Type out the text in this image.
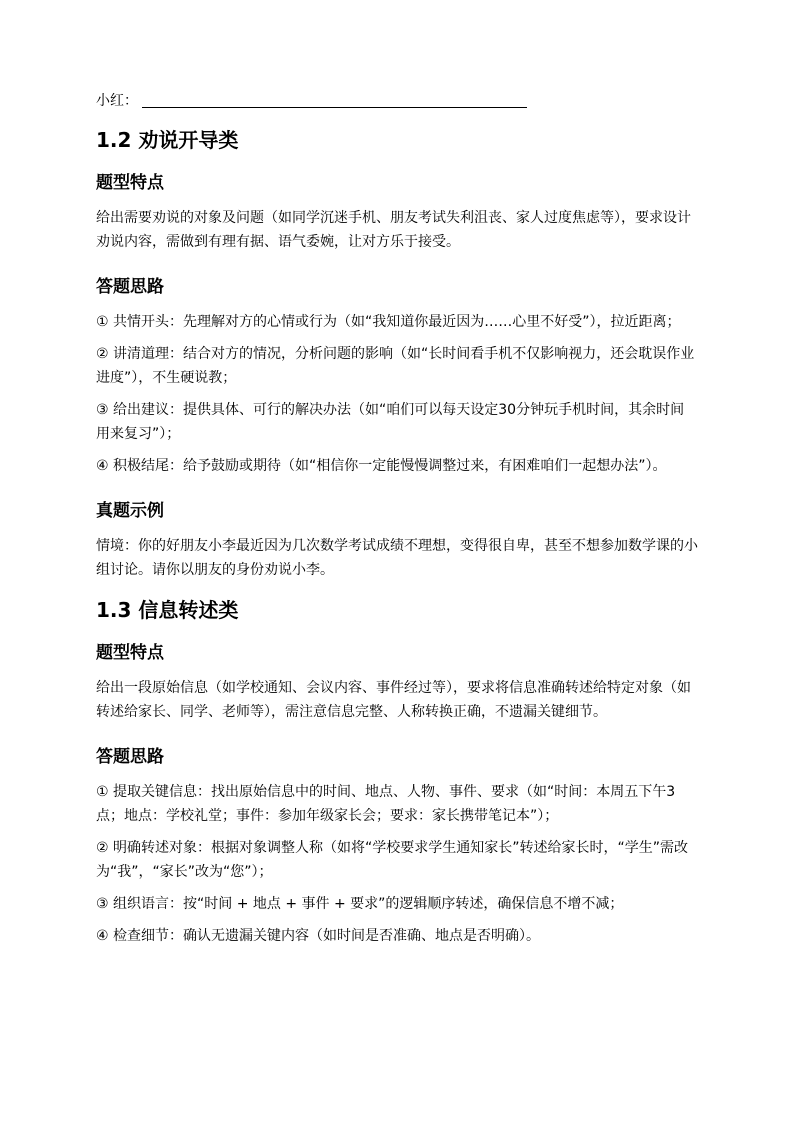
小红：
1.2 劝说开导类
题型特点

给出需要劝说的对象及问题（如同学沉迷手机、朋友考试失利沮丧、家人过度焦虑等），要求设计劝说内容，需做到有理有据、语气委婉，让对方乐于接受。

答题思路

① 共情开头：先理解对方的心情或行为（如“我知道你最近因为……心里不好受”），拉近距离；

② 讲清道理：结合对方的情况，分析问题的影响（如“长时间看手机不仅影响视力，还会耽误作业进度”），不生硬说教；

③ 给出建议：提供具体、可行的解决办法（如“咱们可以每天设定30分钟玩手机时间，其余时间用来复习”）；

④ 积极结尾：给予鼓励或期待（如“相信你一定能慢慢调整过来，有困难咱们一起想办法”）。

真题示例

情境：你的好朋友小李最近因为几次数学考试成绩不理想，变得很自卑，甚至不想参加数学课的小组讨论。请你以朋友的身份劝说小李。

1.3 信息转述类
题型特点

给出一段原始信息（如学校通知、会议内容、事件经过等），要求将信息准确转述给特定对象（如转述给家长、同学、老师等），需注意信息完整、人称转换正确，不遗漏关键细节。

答题思路

① 提取关键信息：找出原始信息中的时间、地点、人物、事件、要求（如“时间：本周五下午3点；地点：学校礼堂；事件：参加年级家长会；要求：家长携带笔记本”）；

② 明确转述对象：根据对象调整人称（如将“学校要求学生通知家长”转述给家长时，“学生”需改为“我”，“家长”改为“您”）；

③ 组织语言：按“时间 + 地点 + 事件 + 要求”的逻辑顺序转述，确保信息不增不减；

④ 检查细节：确认无遗漏关键内容（如时间是否准确、地点是否明确）。
